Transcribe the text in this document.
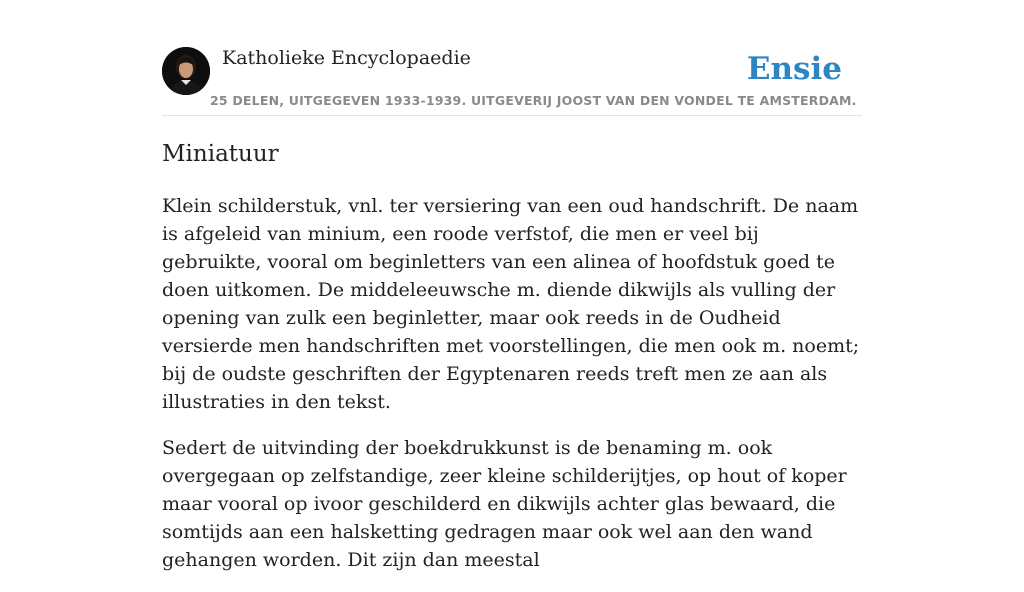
Katholieke Encyclopaedie	Ensie
25 DELEN, UITGEGEVEN 1933-1939. UITGEVERIJ JOOST VAN DEN VONDEL TE AMSTERDAM.
Miniatuur

Klein schilderstuk, vnl. ter versiering van een oud handschrift. De naam is afgeleid van minium, een roode verfstof, die men er veel bij gebruikte, vooral om beginletters van een alinea of hoofdstuk goed te doen uitkomen. De middeleeuwsche m. diende dikwijls als vulling der opening van zulk een beginletter, maar ook reeds in de Oudheid versierde men handschriften met voorstellingen, die men ook m. noemt; bij de oudste geschriften der Egyptenaren reeds treft men ze aan als illustraties in den tekst.

Sedert de uitvinding der boekdrukkunst is de benaming m. ook overgegaan op zelfstandige, zeer kleine schilderijtjes, op hout of koper maar vooral op ivoor geschilderd en dikwijls achter glas bewaard, die somtijds aan een halsketting gedragen maar ook wel aan den wand gehangen worden. Dit zijn dan meestal
